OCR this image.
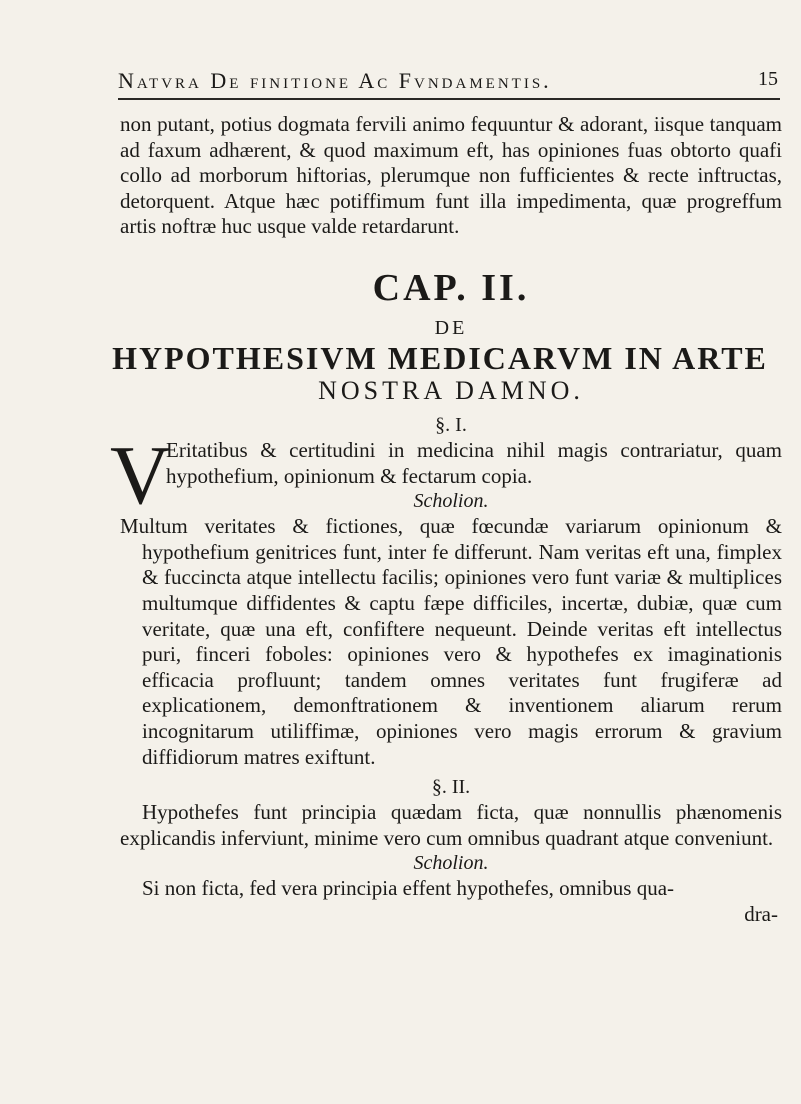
Natvra De finitione Ac Fvndamentis.	15

non putant, potius dogmata fervili animo fequuntur & adorant, iisque tanquam ad faxum adhærent, & quod maximum eft, has opiniones fuas obtorto quafi collo ad morborum hiftorias, plerumque non fufficientes & recte inftructas, detorquent. Atque hæc potiffimum funt illa impedimenta, quæ progreffum artis noftræ huc usque valde retardarunt.

CAP. II.
DE
HYPOTHESIVM MEDICARVM IN ARTE
NOSTRA DAMNO.
§. I.
V

Eritatibus & certitudini in medicina nihil magis contrariatur, quam hypothefium, opinionum & fectarum copia.

Scholion.

Multum veritates & fictiones, quæ fœcundæ variarum opinionum & hypothefium genitrices funt, inter fe differunt. Nam veritas eft una, fimplex & fuccincta atque intellectu facilis; opiniones vero funt variæ & multiplices multumque diffidentes & captu fæpe difficiles, incertæ, dubiæ, quæ cum veritate, quæ una eft, confiftere nequeunt. Deinde veritas eft intellectus puri, finceri foboles: opiniones vero & hypothefes ex imaginationis efficacia profluunt; tandem omnes veritates funt frugiferæ ad explicationem, demonftrationem & inventionem aliarum rerum incognitarum utiliffimæ, opiniones vero magis errorum & gravium diffidiorum matres exiftunt.

§. II.

Hypothefes funt principia quædam ficta, quæ nonnullis phænomenis explicandis inferviunt, minime vero cum omnibus quadrant atque conveniunt.

Scholion.

Si non ficta, fed vera principia effent hypothefes, omnibus qua-

dra-
